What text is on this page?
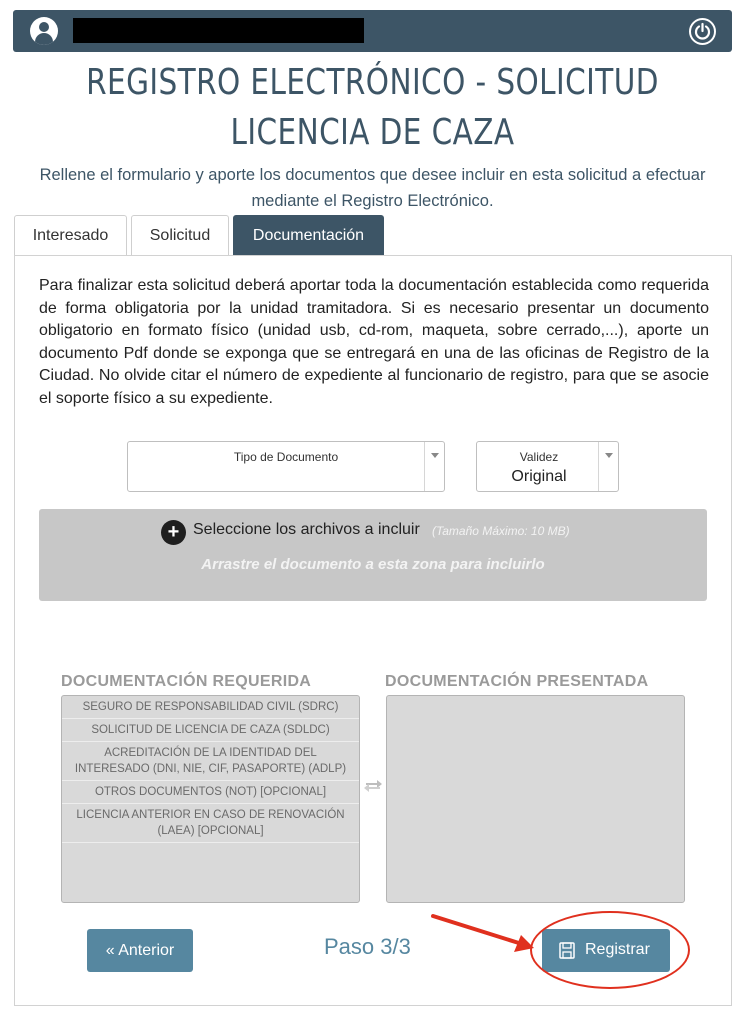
REGISTRO ELECTRÓNICO - SOLICITUD LICENCIA DE CAZA
Rellene el formulario y aporte los documentos que desee incluir en esta solicitud a efectuar mediante el Registro Electrónico.
Interesado	Solicitud	Documentación
Para finalizar esta solicitud deberá aportar toda la documentación establecida como requerida de forma obligatoria por la unidad tramitadora. Si es necesario presentar un documento obligatorio en formato físico (unidad usb, cd-rom, maqueta, sobre cerrado,...), aporte un documento Pdf donde se exponga que se entregará en una de las oficinas de Registro de la Ciudad. No olvide citar el número de expediente al funcionario de registro, para que se asocie el soporte físico a su expediente.
Tipo de Documento	Validez
Original
+ Seleccione los archivos a incluir (Tamaño Máximo: 10 MB)
Arrastre el documento a esta zona para incluirlo
DOCUMENTACIÓN REQUERIDA	DOCUMENTACIÓN PRESENTADA
SEGURO DE RESPONSABILIDAD CIVIL (SDRC)
SOLICITUD DE LICENCIA DE CAZA (SDLDC)
ACREDITACIÓN DE LA IDENTIDAD DEL INTERESADO (DNI, NIE, CIF, PASAPORTE) (ADLP)
OTROS DOCUMENTOS (NOT) [OPCIONAL]
LICENCIA ANTERIOR EN CASO DE RENOVACIÓN (LAEA) [OPCIONAL]
« Anterior	Paso 3/3	Registrar
